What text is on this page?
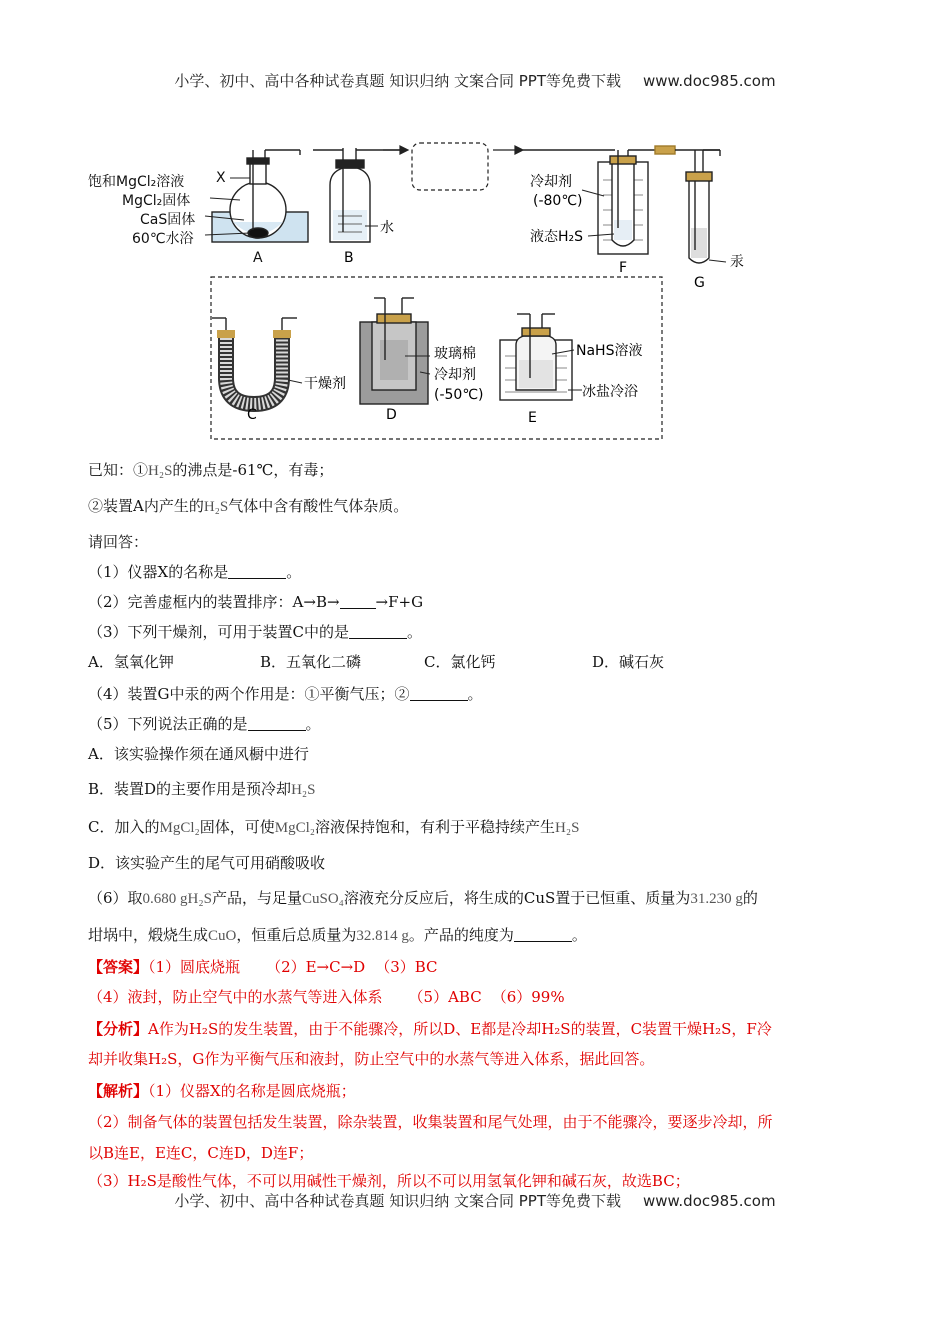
小学、初中、高中各种试卷真题 知识归纳 文案合同 PPT等免费下载 www.doc985.com
饱和MgCl₂溶液 X
MgCl₂固体
CaS固体
60℃水浴
A
水
B
冷却剂
(-80℃)
液态H₂S
F	汞
G
干燥剂
C
玻璃棉
冷却剂
(-50℃)
D
NaHS溶液
冰盐冷浴
E
已知：①H₂S的沸点是-61℃，有毒；
②装置A内产生的H₂S气体中含有酸性气体杂质。
请回答：
（1）仪器X的名称是	。
（2）完善虚框内的装置排序：A→B→ →F+G
（3）下列干燥剂，可用于装置C中的是	。
A．氢氧化钾	B．五氧化二磷	C．氯化钙	D．碱石灰
（4）装置G中汞的两个作用是：①平衡气压；②	。
（5）下列说法正确的是	。
A．该实验操作须在通风橱中进行
B．装置D的主要作用是预冷却H₂S
C．加入的MgCl₂固体，可使MgCl₂溶液保持饱和，有利于平稳持续产生H₂S
D．该实验产生的尾气可用硝酸吸收
（6）取0.680 gH₂S产品，与足量CuSO₄溶液充分反应后，将生成的CuS置于已恒重、质量为31.230 g的
坩埚中，煅烧生成CuO，恒重后总质量为32.814 g。产品的纯度为	。
【答案】（1）圆底烧瓶 （2）E→C→D （3）BC
（4）液封，防止空气中的水蒸气等进入体系 （5）ABC （6）99%
【分析】A作为H₂S的发生装置，由于不能骤冷，所以D、E都是冷却H₂S的装置，C装置干燥H₂S，F冷
却并收集H₂S，G作为平衡气压和液封，防止空气中的水蒸气等进入体系，据此回答。
【解析】（1）仪器X的名称是圆底烧瓶；
（2）制备气体的装置包括发生装置，除杂装置，收集装置和尾气处理，由于不能骤冷，要逐步冷却，所
以B连E，E连C，C连D，D连F；
（3）H₂S是酸性气体，不可以用碱性干燥剂，所以不可以用氢氧化钾和碱石灰，故选BC；
小学、初中、高中各种试卷真题 知识归纳 文案合同 PPT等免费下载 www.doc985.com
